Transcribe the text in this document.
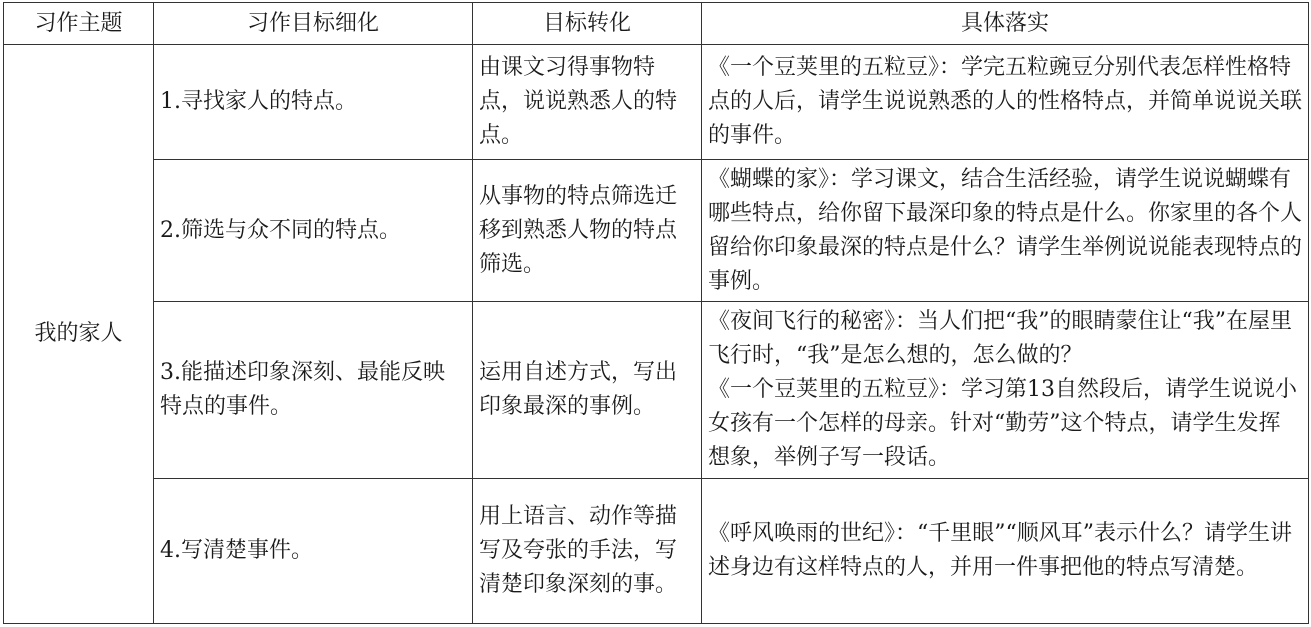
习作主题	习作目标细化	目标转化	具体落实
我的家人	1.寻找家人的特点。	由课文习得事物特点，说说熟悉人的特点。	《一个豆荚里的五粒豆》：学完五粒豌豆分别代表怎样性格特点的人后，请学生说说熟悉的人的性格特点，并简单说说关联的事件。

	2.筛选与众不同的特点。	从事物的特点筛选迁移到熟悉人物的特点筛选。	《蝴蝶的家》：学习课文，结合生活经验，请学生说说蝴蝶有哪些特点，给你留下最深印象的特点是什么。你家里的各个人留给你印象最深的特点是什么？请学生举例说说能表现特点的事例。

	3.能描述印象深刻、最能反映特点的事件。	运用自述方式，写出印象最深的事例。	《夜间飞行的秘密》：当人们把“我”的眼睛蒙住让“我”在屋里飞行时，“我”是怎么想的，怎么做的？
《一个豆荚里的五粒豆》：学习第13自然段后，请学生说说小女孩有一个怎样的母亲。针对“勤劳”这个特点，请学生发挥想象，举例子写一段话。

	4.写清楚事件。	用上语言、动作等描写及夸张的手法，写清楚印象深刻的事。	《呼风唤雨的世纪》：“千里眼”“顺风耳”表示什么？请学生讲述身边有这样特点的人，并用一件事把他的特点写清楚。
